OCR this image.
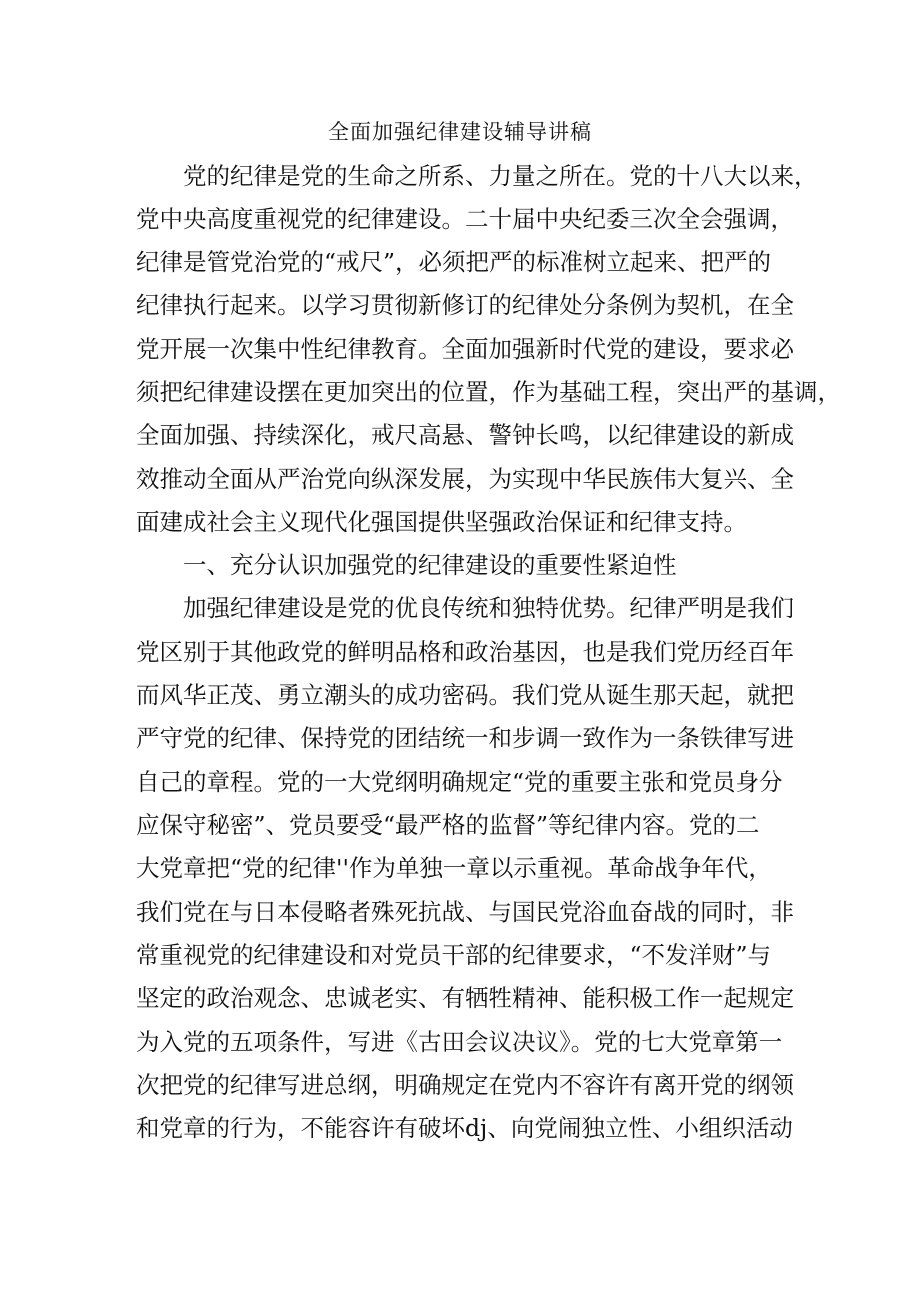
全面加强纪律建设辅导讲稿
党的纪律是党的生命之所系、力量之所在。党的十八大以来，
党中央高度重视党的纪律建设。二十届中央纪委三次全会强调，
纪律是管党治党的“戒尺”，必须把严的标准树立起来、把严的
纪律执行起来。以学习贯彻新修订的纪律处分条例为契机，在全
党开展一次集中性纪律教育。全面加强新时代党的建设，要求必
须把纪律建设摆在更加突出的位置，作为基础工程，突出严的基调，
全面加强、持续深化，戒尺高悬、警钟长鸣，以纪律建设的新成
效推动全面从严治党向纵深发展，为实现中华民族伟大复兴、全
面建成社会主义现代化强国提供坚强政治保证和纪律支持。
一、充分认识加强党的纪律建设的重要性紧迫性
加强纪律建设是党的优良传统和独特优势。纪律严明是我们
党区别于其他政党的鲜明品格和政治基因，也是我们党历经百年
而风华正茂、勇立潮头的成功密码。我们党从诞生那天起，就把
严守党的纪律、保持党的团结统一和步调一致作为一条铁律写进
自己的章程。党的一大党纲明确规定“党的重要主张和党员身分
应保守秘密”、党员要受“最严格的监督”等纪律内容。党的二
大党章把“党的纪律''作为单独一章以示重视。革命战争年代，
我们党在与日本侵略者殊死抗战、与国民党浴血奋战的同时，非
常重视党的纪律建设和对党员干部的纪律要求，“不发洋财”与
坚定的政治观念、忠诚老实、有牺牲精神、能积极工作一起规定
为入党的五项条件，写进《古田会议决议》。党的七大党章第一
次把党的纪律写进总纲，明确规定在党内不容许有离开党的纲领
和党章的行为，不能容许有破坏dj、向党闹独立性、小组织活动
